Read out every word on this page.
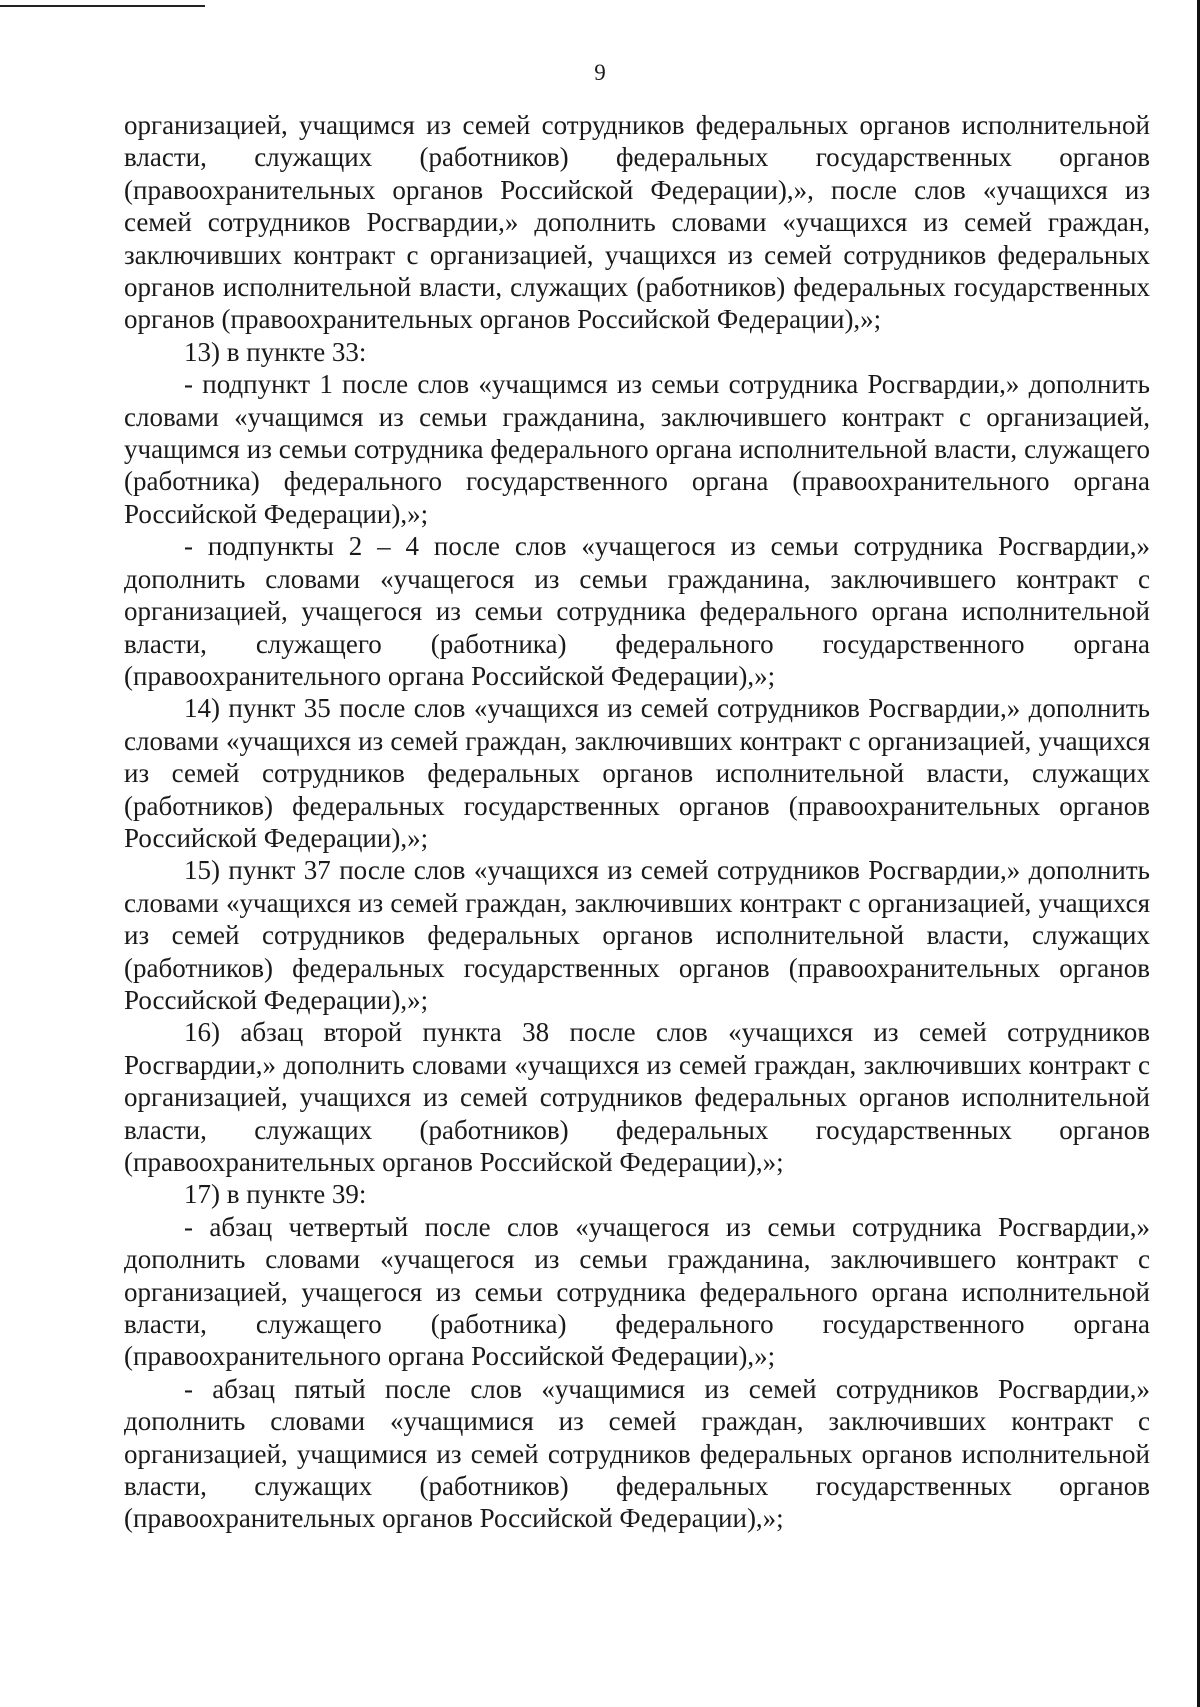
9

организацией, учащимся из семей сотрудников федеральных органов исполнительной власти, служащих (работников) федеральных государственных органов (правоохранительных органов Российской Федерации),», после слов «учащихся из семей сотрудников Росгвардии,» дополнить словами «учащихся из семей граждан, заключивших контракт с организацией, учащихся из семей сотрудников федеральных органов исполнительной власти, служащих (работников) федеральных государственных органов (правоохранительных органов Российской Федерации),»;

13) в пункте 33:

- подпункт 1 после слов «учащимся из семьи сотрудника Росгвардии,» дополнить словами «учащимся из семьи гражданина, заключившего контракт с организацией, учащимся из семьи сотрудника федерального органа исполнительной власти, служащего (работника) федерального государственного органа (правоохранительного органа Российской Федерации),»;

- подпункты 2 – 4 после слов «учащегося из семьи сотрудника Росгвардии,» дополнить словами «учащегося из семьи гражданина, заключившего контракт с организацией, учащегося из семьи сотрудника федерального органа исполнительной власти, служащего (работника) федерального государственного органа (правоохранительного органа Российской Федерации),»;

14) пункт 35 после слов «учащихся из семей сотрудников Росгвардии,» дополнить словами «учащихся из семей граждан, заключивших контракт с организацией, учащихся из семей сотрудников федеральных органов исполнительной власти, служащих (работников) федеральных государственных органов (правоохранительных органов Российской Федерации),»;

15) пункт 37 после слов «учащихся из семей сотрудников Росгвардии,» дополнить словами «учащихся из семей граждан, заключивших контракт с организацией, учащихся из семей сотрудников федеральных органов исполнительной власти, служащих (работников) федеральных государственных органов (правоохранительных органов Российской Федерации),»;

16) абзац второй пункта 38 после слов «учащихся из семей сотрудников Росгвардии,» дополнить словами «учащихся из семей граждан, заключивших контракт с организацией, учащихся из семей сотрудников федеральных органов исполнительной власти, служащих (работников) федеральных государственных органов (правоохранительных органов Российской Федерации),»;

17) в пункте 39:

- абзац четвертый после слов «учащегося из семьи сотрудника Росгвардии,» дополнить словами «учащегося из семьи гражданина, заключившего контракт с организацией, учащегося из семьи сотрудника федерального органа исполнительной власти, служащего (работника) федерального государственного органа (правоохранительного органа Российской Федерации),»;

- абзац пятый после слов «учащимися из семей сотрудников Росгвардии,» дополнить словами «учащимися из семей граждан, заключивших контракт с организацией, учащимися из семей сотрудников федеральных органов исполнительной власти, служащих (работников) федеральных государственных органов (правоохранительных органов Российской Федерации),»;
